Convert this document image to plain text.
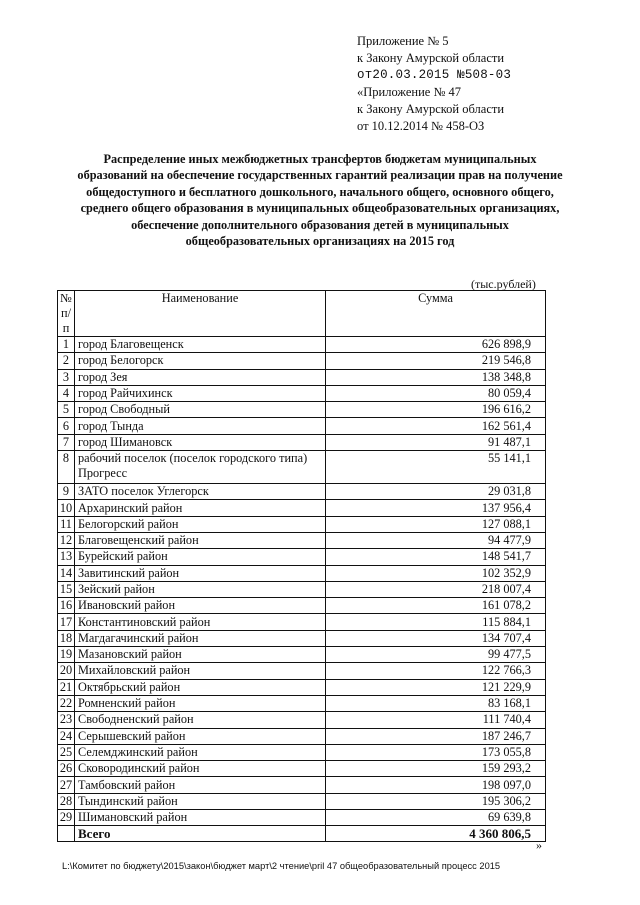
Приложение № 5
к Закону Амурской области
от20.03.2015 №508-03
«Приложение № 47
к Закону Амурской области
от 10.12.2014 № 458-ОЗ
Распределение иных межбюджетных трансфертов бюджетам муниципальных образований на обеспечение государственных гарантий реализации прав на получение общедоступного и бесплатного дошкольного, начального общего, основного общего, среднего общего образования в муниципальных общеобразовательных организациях, обеспечение дополнительного образования детей в муниципальных общеобразовательных организациях на 2015 год
(тыс.рублей)
№
п/п	Наименование	Сумма
1	город Благовещенск	626 898,9
2	город Белогорск	219 546,8
3	город Зея	138 348,8
4	город Райчихинск	80 059,4
5	город Свободный	196 616,2
6	город Тында	162 561,4
7	город Шимановск	91 487,1
8	рабочий поселок (поселок городского типа) Прогресс	55 141,1
9	ЗАТО поселок Углегорск	29 031,8
10	Архаринский район	137 956,4
11	Белогорский район	127 088,1
12	Благовещенский район	94 477,9
13	Бурейский район	148 541,7
14	Завитинский район	102 352,9
15	Зейский район	218 007,4
16	Ивановский район	161 078,2
17	Константиновский район	115 884,1
18	Магдагачинский район	134 707,4
19	Мазановский район	99 477,5
20	Михайловский район	122 766,3
21	Октябрьский район	121 229,9
22	Ромненский район	83 168,1
23	Свободненский район	111 740,4
24	Серышевский район	187 246,7
25	Селемджинский район	173 055,8
26	Сковородинский район	159 293,2
27	Тамбовский район	198 097,0
28	Тындинский район	195 306,2
29	Шимановский район	69 639,8
	Всего	4 360 806,5
»
L:\Комитет по бюджету\2015\закон\бюджет март\2 чтение\pril 47 общеобразовательный процесс 2015
